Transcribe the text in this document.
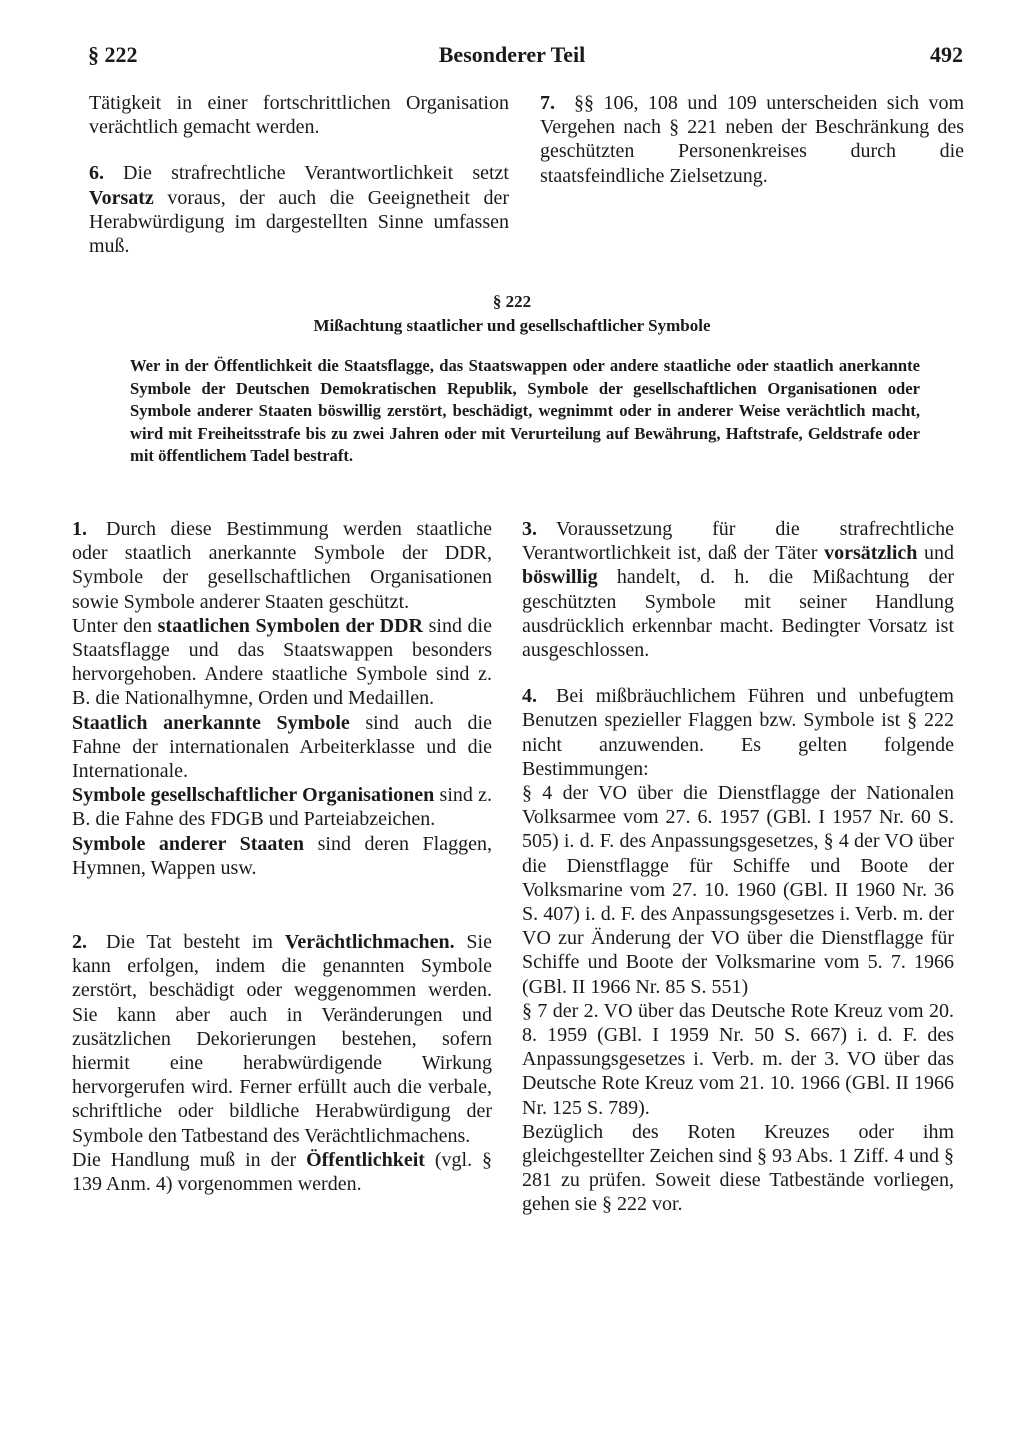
§ 222	Besonderer Teil	492

Tätigkeit in einer fortschrittlichen Organisation verächtlich gemacht werden.

6. Die strafrechtliche Verantwortlichkeit setzt Vorsatz voraus, der auch die Geeignetheit der Herabwürdigung im dargestellten Sinne umfassen muß.

7. §§ 106, 108 und 109 unterscheiden sich vom Vergehen nach § 221 neben der Beschränkung des geschützten Personenkreises durch die staatsfeindliche Zielsetzung.

§ 222
Mißachtung staatlicher und gesellschaftlicher Symbole
Wer in der Öffentlichkeit die Staatsflagge, das Staatswappen oder andere staatliche oder staatlich anerkannte Symbole der Deutschen Demokratischen Republik, Symbole der gesellschaftlichen Organisationen oder Symbole anderer Staaten böswillig zerstört, beschädigt, wegnimmt oder in anderer Weise verächtlich macht, wird mit Freiheitsstrafe bis zu zwei Jahren oder mit Verurteilung auf Bewährung, Haftstrafe, Geldstrafe oder mit öffentlichem Tadel bestraft.

1. Durch diese Bestimmung werden staatliche oder staatlich anerkannte Symbole der DDR, Symbole der gesellschaftlichen Organisationen sowie Symbole anderer Staaten geschützt.

Unter den staatlichen Symbolen der DDR sind die Staatsflagge und das Staatswappen besonders hervorgehoben. Andere staatliche Symbole sind z. B. die Nationalhymne, Orden und Medaillen.

Staatlich anerkannte Symbole sind auch die Fahne der internationalen Arbeiterklasse und die Internationale.

Symbole gesellschaftlicher Organisationen sind z. B. die Fahne des FDGB und Parteiabzeichen.

Symbole anderer Staaten sind deren Flaggen, Hymnen, Wappen usw.

2. Die Tat besteht im Verächtlichmachen. Sie kann erfolgen, indem die genannten Symbole zerstört, beschädigt oder weggenommen werden. Sie kann aber auch in Veränderungen und zusätzlichen Dekorierungen bestehen, sofern hiermit eine herabwürdigende Wirkung hervorgerufen wird. Ferner erfüllt auch die verbale, schriftliche oder bildliche Herabwürdigung der Symbole den Tatbestand des Verächtlichmachens.

Die Handlung muß in der Öffentlichkeit (vgl. § 139 Anm. 4) vorgenommen werden.

3. Voraussetzung für die strafrechtliche Verantwortlichkeit ist, daß der Täter vorsätzlich und böswillig handelt, d. h. die Mißachtung der geschützten Symbole mit seiner Handlung ausdrücklich erkennbar macht. Bedingter Vorsatz ist ausgeschlossen.

4. Bei mißbräuchlichem Führen und unbefugtem Benutzen spezieller Flaggen bzw. Symbole ist § 222 nicht anzuwenden. Es gelten folgende Bestimmungen:

§ 4 der VO über die Dienstflagge der Nationalen Volksarmee vom 27. 6. 1957 (GBl. I 1957 Nr. 60 S. 505) i. d. F. des Anpassungsgesetzes, § 4 der VO über die Dienstflagge für Schiffe und Boote der Volksmarine vom 27. 10. 1960 (GBl. II 1960 Nr. 36 S. 407) i. d. F. des Anpassungsgesetzes i. Verb. m. der VO zur Änderung der VO über die Dienstflagge für Schiffe und Boote der Volksmarine vom 5. 7. 1966 (GBl. II 1966 Nr. 85 S. 551)

§ 7 der 2. VO über das Deutsche Rote Kreuz vom 20. 8. 1959 (GBl. I 1959 Nr. 50 S. 667) i. d. F. des Anpassungsgesetzes i. Verb. m. der 3. VO über das Deutsche Rote Kreuz vom 21. 10. 1966 (GBl. II 1966 Nr. 125 S. 789).

Bezüglich des Roten Kreuzes oder ihm gleichgestellter Zeichen sind § 93 Abs. 1 Ziff. 4 und § 281 zu prüfen. Soweit diese Tatbestände vorliegen, gehen sie § 222 vor.
